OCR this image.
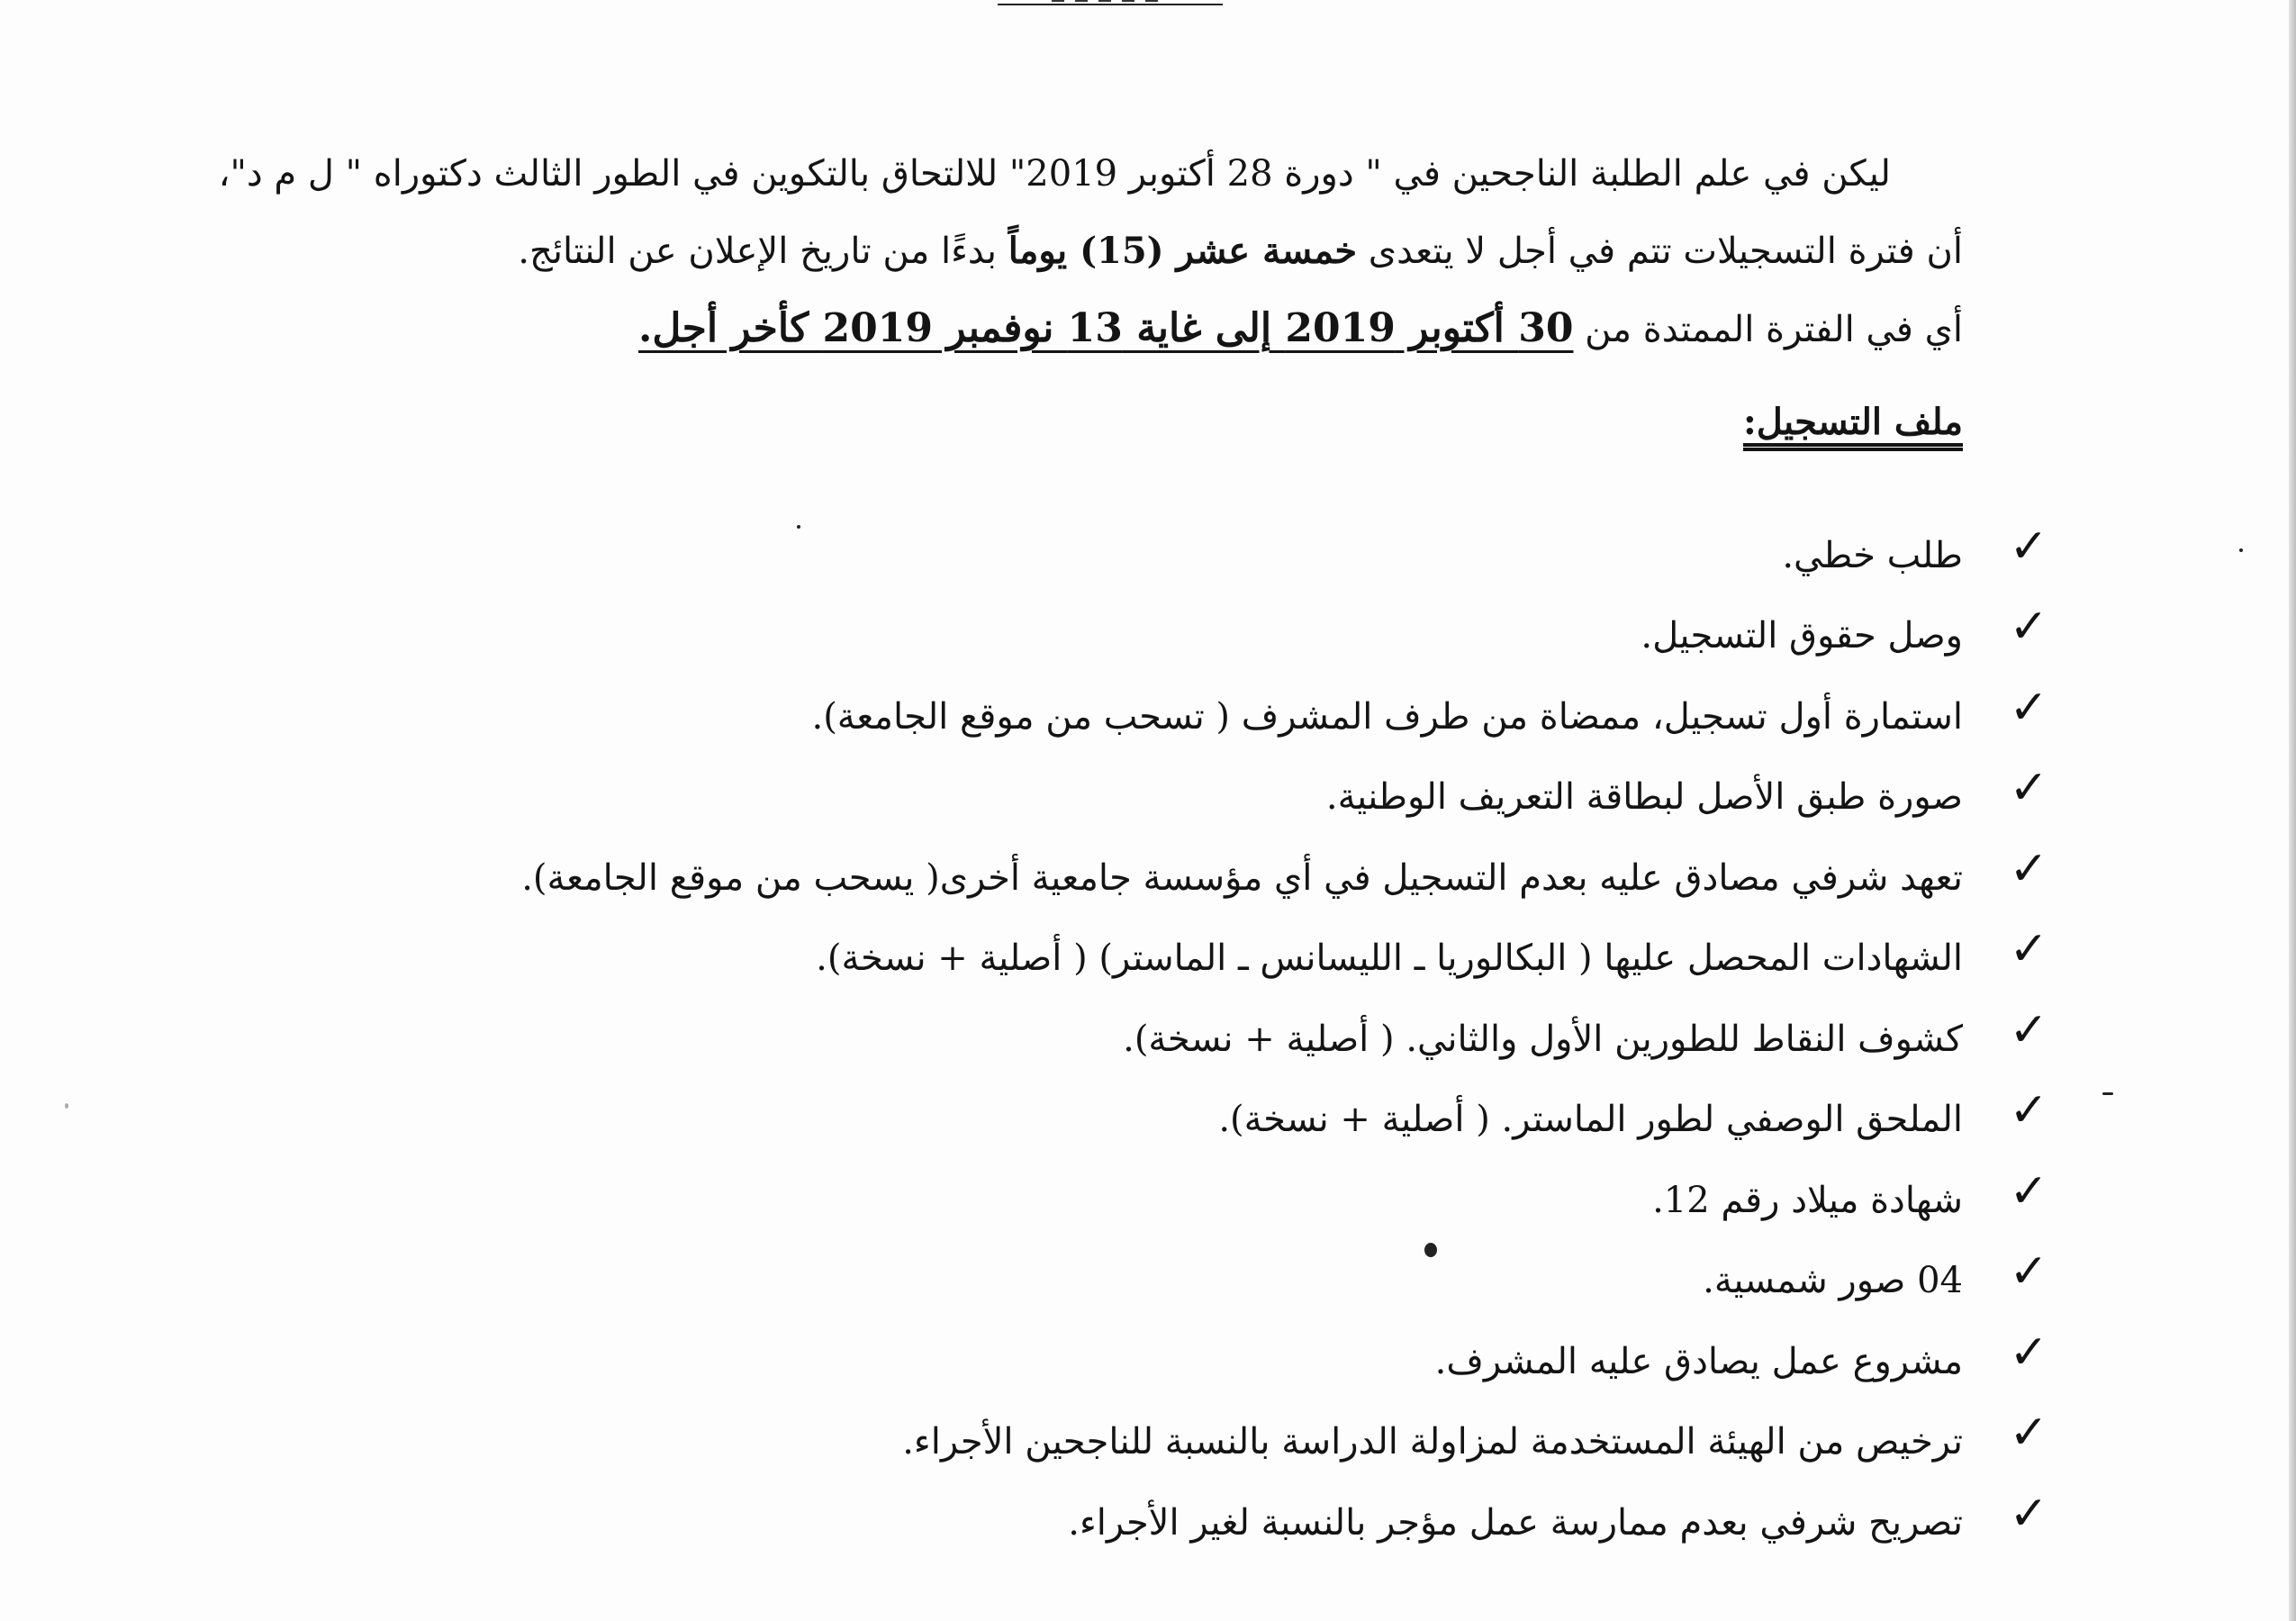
ليكن في علم الطلبة الناجحين في " دورة 28 أكتوبر 2019" للالتحاق بالتكوين في الطور الثالث دكتوراه " ل م د"، أن فترة التسجيلات تتم في أجل لا يتعدى خمسة عشر (15) يوماً بدءًا من تاريخ الإعلان عن النتائج.
أي في الفترة الممتدة من 30 أكتوبر 2019 إلى غاية 13 نوفمبر 2019 كأخر أجل.

ملف التسجيل:
✓
طلب خطي.
✓
وصل حقوق التسجيل.
✓
استمارة أول تسجيل، ممضاة من طرف المشرف ( تسحب من موقع الجامعة).
✓
صورة طبق الأصل لبطاقة التعريف الوطنية.
✓
تعهد شرفي مصادق عليه بعدم التسجيل في أي مؤسسة جامعية أخرى( يسحب من موقع الجامعة).
✓
الشهادات المحصل عليها ( البكالوريا ـ الليسانس ـ الماستر) ( أصلية + نسخة).
✓
كشوف النقاط للطورين الأول والثاني. ( أصلية + نسخة).
✓
الملحق الوصفي لطور الماستر. ( أصلية + نسخة).
✓
شهادة ميلاد رقم 12.
✓
04 صور شمسية.
✓
مشروع عمل يصادق عليه المشرف.
✓
ترخيص من الهيئة المستخدمة لمزاولة الدراسة بالنسبة للناجحين الأجراء.
✓
تصريح شرفي بعدم ممارسة عمل مؤجر بالنسبة لغير الأجراء.
